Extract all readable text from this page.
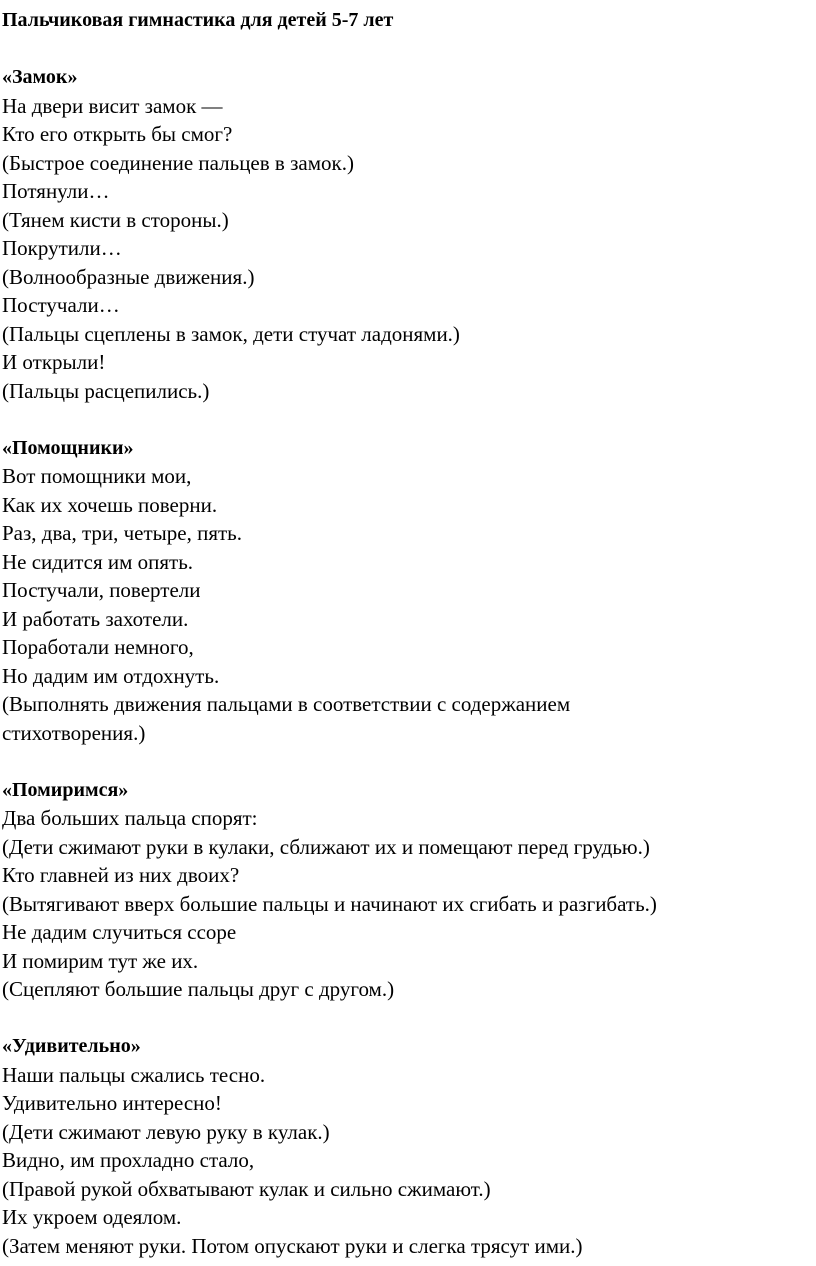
Пальчиковая гимнастика для детей 5-7 лет
«Замок»
На двери висит замок —
Кто его открыть бы смог?
(Быстрое соединение пальцев в замок.)
Потянули…
(Тянем кисти в стороны.)
Покрутили…
(Волнообразные движения.)
Постучали…
(Пальцы сцеплены в замок, дети стучат ладонями.)
И открыли!
(Пальцы расцепились.)
«Помощники»
Вот помощники мои,
Как их хочешь поверни.
Раз, два, три, четыре, пять.
Не сидится им опять.
Постучали, повертели
И работать захотели.
Поработали немного,
Но дадим им отдохнуть.
(Выполнять движения пальцами в соответствии с содержанием
стихотворения.)
«Помиримся»
Два больших пальца спорят:
(Дети сжимают руки в кулаки, сближают их и помещают перед грудью.)
Кто главней из них двоих?
(Вытягивают вверх большие пальцы и начинают их сгибать и разгибать.)
Не дадим случиться ссоре
И помирим тут же их.
(Сцепляют большие пальцы друг с другом.)
«Удивительно»
Наши пальцы сжались тесно.
Удивительно интересно!
(Дети сжимают левую руку в кулак.)
Видно, им прохладно стало,
(Правой рукой обхватывают кулак и сильно сжимают.)
Их укроем одеялом.
(Затем меняют руки. Потом опускают руки и слегка трясут ими.)
